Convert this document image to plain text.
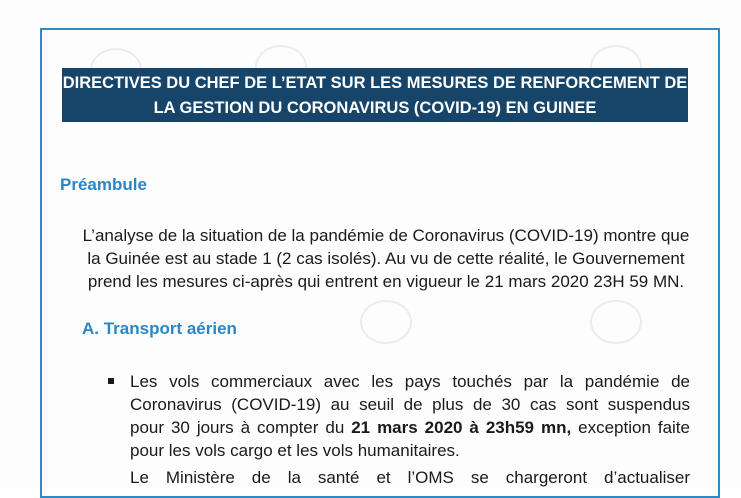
DIRECTIVES DU CHEF DE L’ETAT SUR LES MESURES DE RENFORCEMENT DE
LA GESTION DU CORONAVIRUS (COVID-19) EN GUINEE
Préambule
L’analyse de la situation de la pandémie de Coronavirus (COVID-19) montre que
la Guinée est au stade 1 (2 cas isolés). Au vu de cette réalité, le Gouvernement
prend les mesures ci-après qui entrent en vigueur le 21 mars 2020 23H 59 MN.
A. Transport aérien
Les vols commerciaux avec les pays touchés par la pandémie de
Coronavirus (COVID-19) au seuil de plus de 30 cas sont suspendus
pour 30 jours à compter du 21 mars 2020 à 23h59 mn, exception faite
pour les vols cargo et les vols humanitaires.
Le Ministère de la santé et l’OMS se chargeront d’actualiser
